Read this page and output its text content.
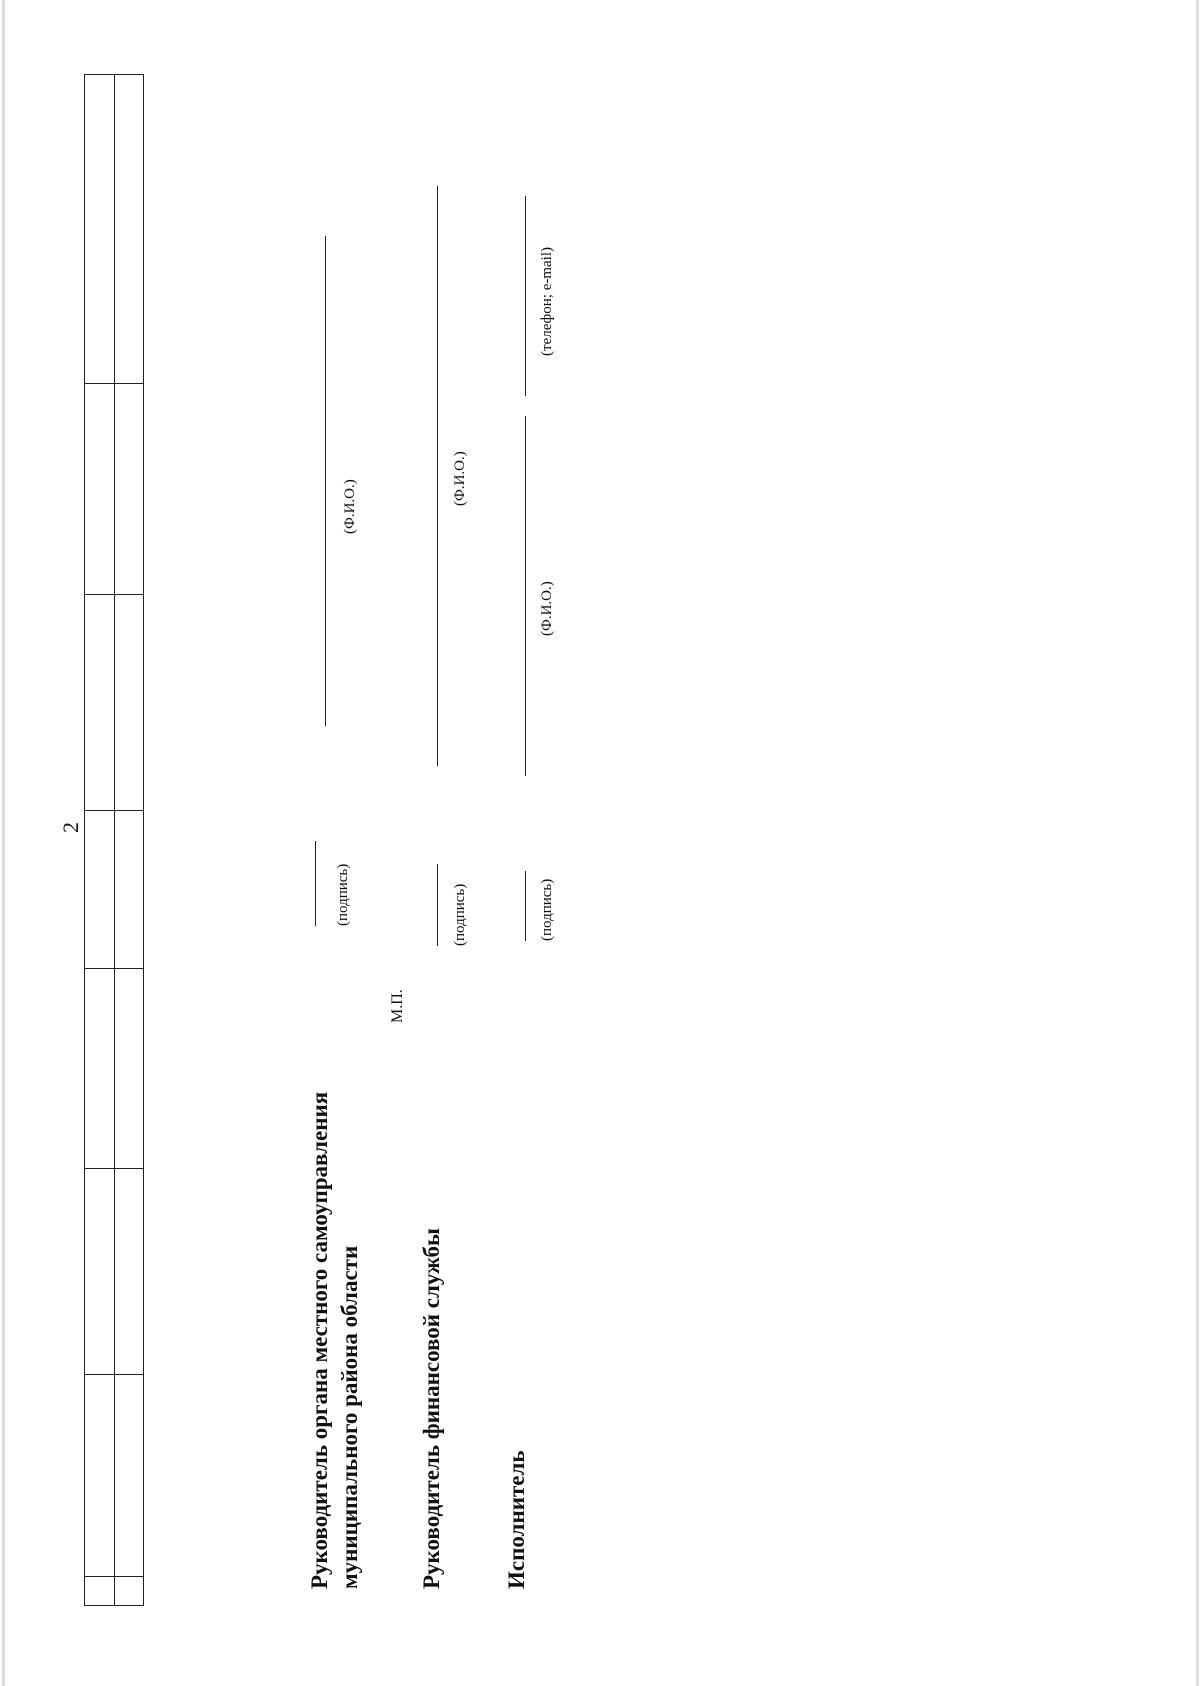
2

Руководитель органа местного самоуправления муниципального района области
М.П.
(подпись)
(Ф.И.О.)
Руководитель финансовой службы
(подпись)
(Ф.И.О.)
Исполнитель
(подпись)
(Ф.И.О.)
(телефон; e-mail)
